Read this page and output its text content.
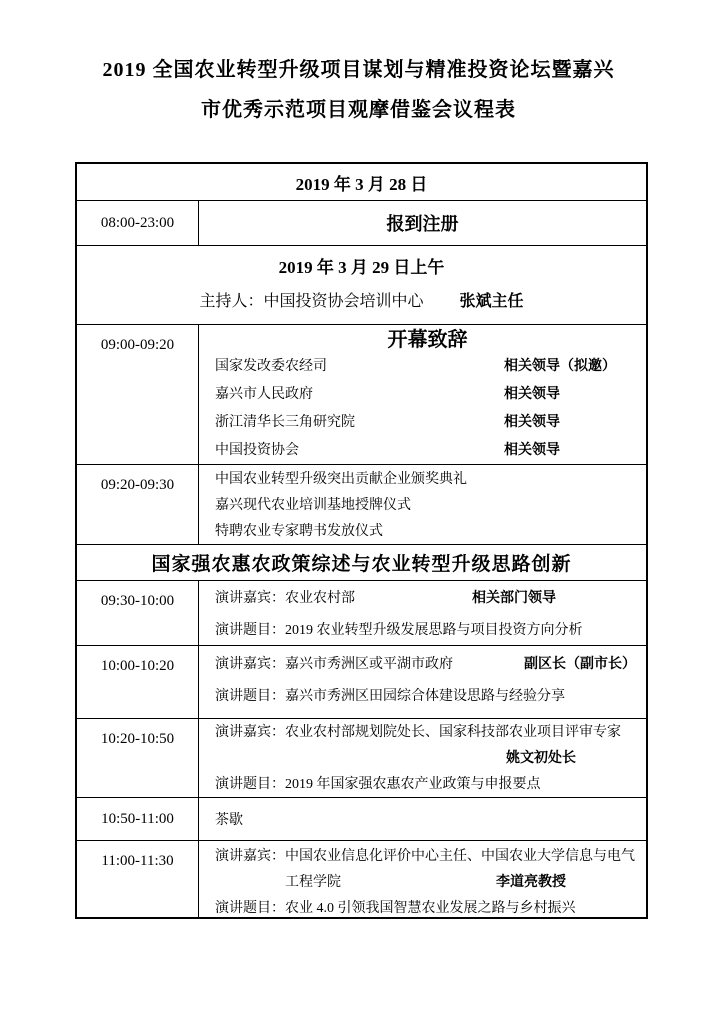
2019 全国农业转型升级项目谋划与精准投资论坛暨嘉兴
市优秀示范项目观摩借鉴会议程表
2019 年 3 月 28 日
08:00-23:00	报到注册
2019 年 3 月 29 日上午
主持人：中国投资协会培训中心 张斌主任
09:00-09:20	开幕致辞
国家发改委农经司	相关领导（拟邀）
嘉兴市人民政府	相关领导
浙江清华长三角研究院	相关领导
中国投资协会	相关领导
09:20-09:30	中国农业转型升级突出贡献企业颁奖典礼
嘉兴现代农业培训基地授牌仪式
特聘农业专家聘书发放仪式
国家强农惠农政策综述与农业转型升级思路创新
09:30-10:00	演讲嘉宾： 农业农村部	相关部门领导
演讲题目： 2019 农业转型升级发展思路与项目投资方向分析
10:00-10:20	演讲嘉宾： 嘉兴市秀洲区或平湖市政府	副区长（副市长）
演讲题目： 嘉兴市秀洲区田园综合体建设思路与经验分享
10:20-10:50	演讲嘉宾： 农业农村部规划院处长、国家科技部农业项目评审专家
姚文初处长
演讲题目： 2019 年国家强农惠农产业政策与申报要点
10:50-11:00	茶歇
11:00-11:30	演讲嘉宾： 中国农业信息化评价中心主任、中国农业大学信息与电气
工程学院	李道亮教授
演讲题目： 农业 4.0 引领我国智慧农业发展之路与乡村振兴
